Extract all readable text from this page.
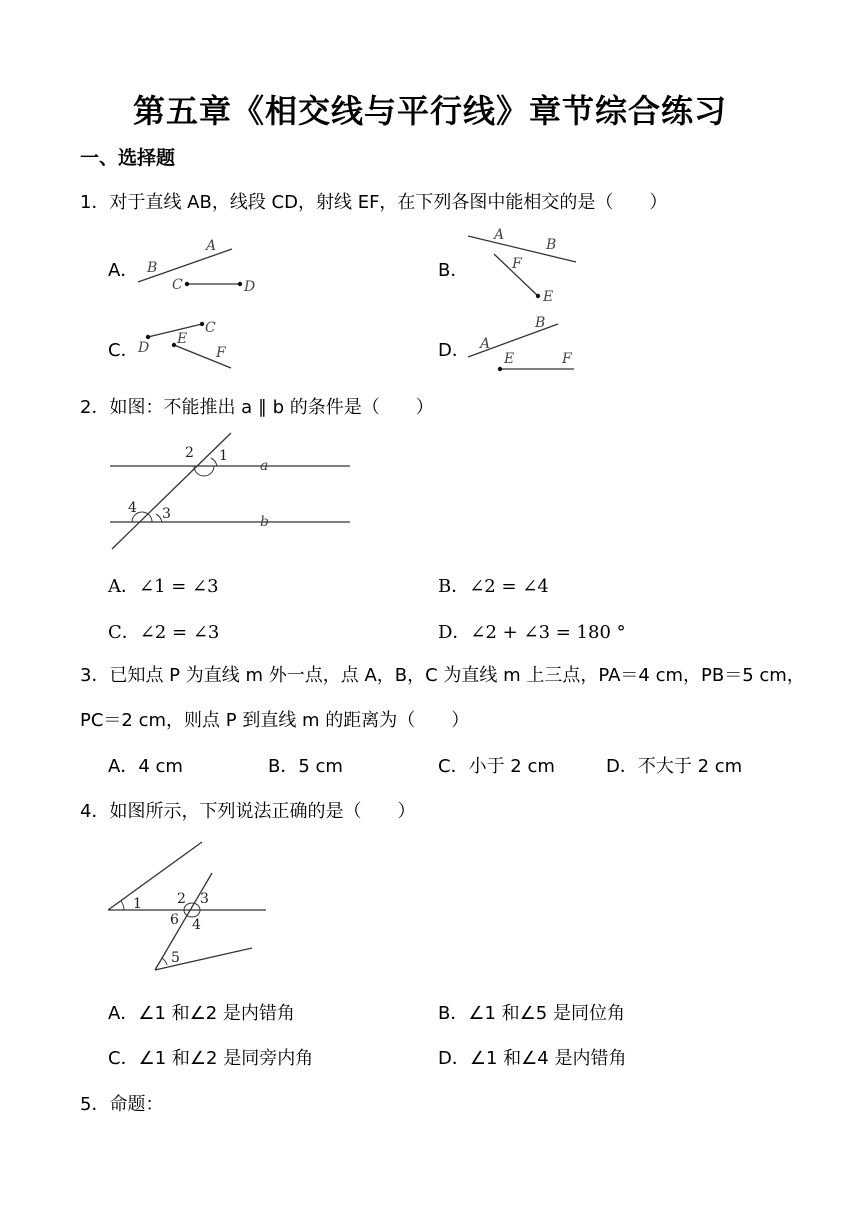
第五章《相交线与平行线》章节综合练习
一、选择题
1．对于直线 AB，线段 CD，射线 EF，在下列各图中能相交的是（　　）
A．
A
B
C	D
B．
A
B
F
E
C．
C
D
E
F	D．
B
A
E	F
2．如图：不能推出 a ∥ b 的条件是（　　）
2 1
a
4 3	b
A．∠1 = ∠3	B．∠2 = ∠4
C．∠2 = ∠3	D．∠2 + ∠3 = 180 °
3．已知点 P 为直线 m 外一点，点 A，B，C 为直线 m 上三点，PA＝4 cm，PB＝5 cm，
PC＝2 cm，则点 P 到直线 m 的距离为（　　）
A．4 cm	B．5 cm	C．小于 2 cm	D．不大于 2 cm
4．如图所示，下列说法正确的是（　　）
1	2 3
6 4
5
A．∠1 和∠2 是内错角	B．∠1 和∠5 是同位角
C．∠1 和∠2 是同旁内角	D．∠1 和∠4 是内错角
5．命题：
